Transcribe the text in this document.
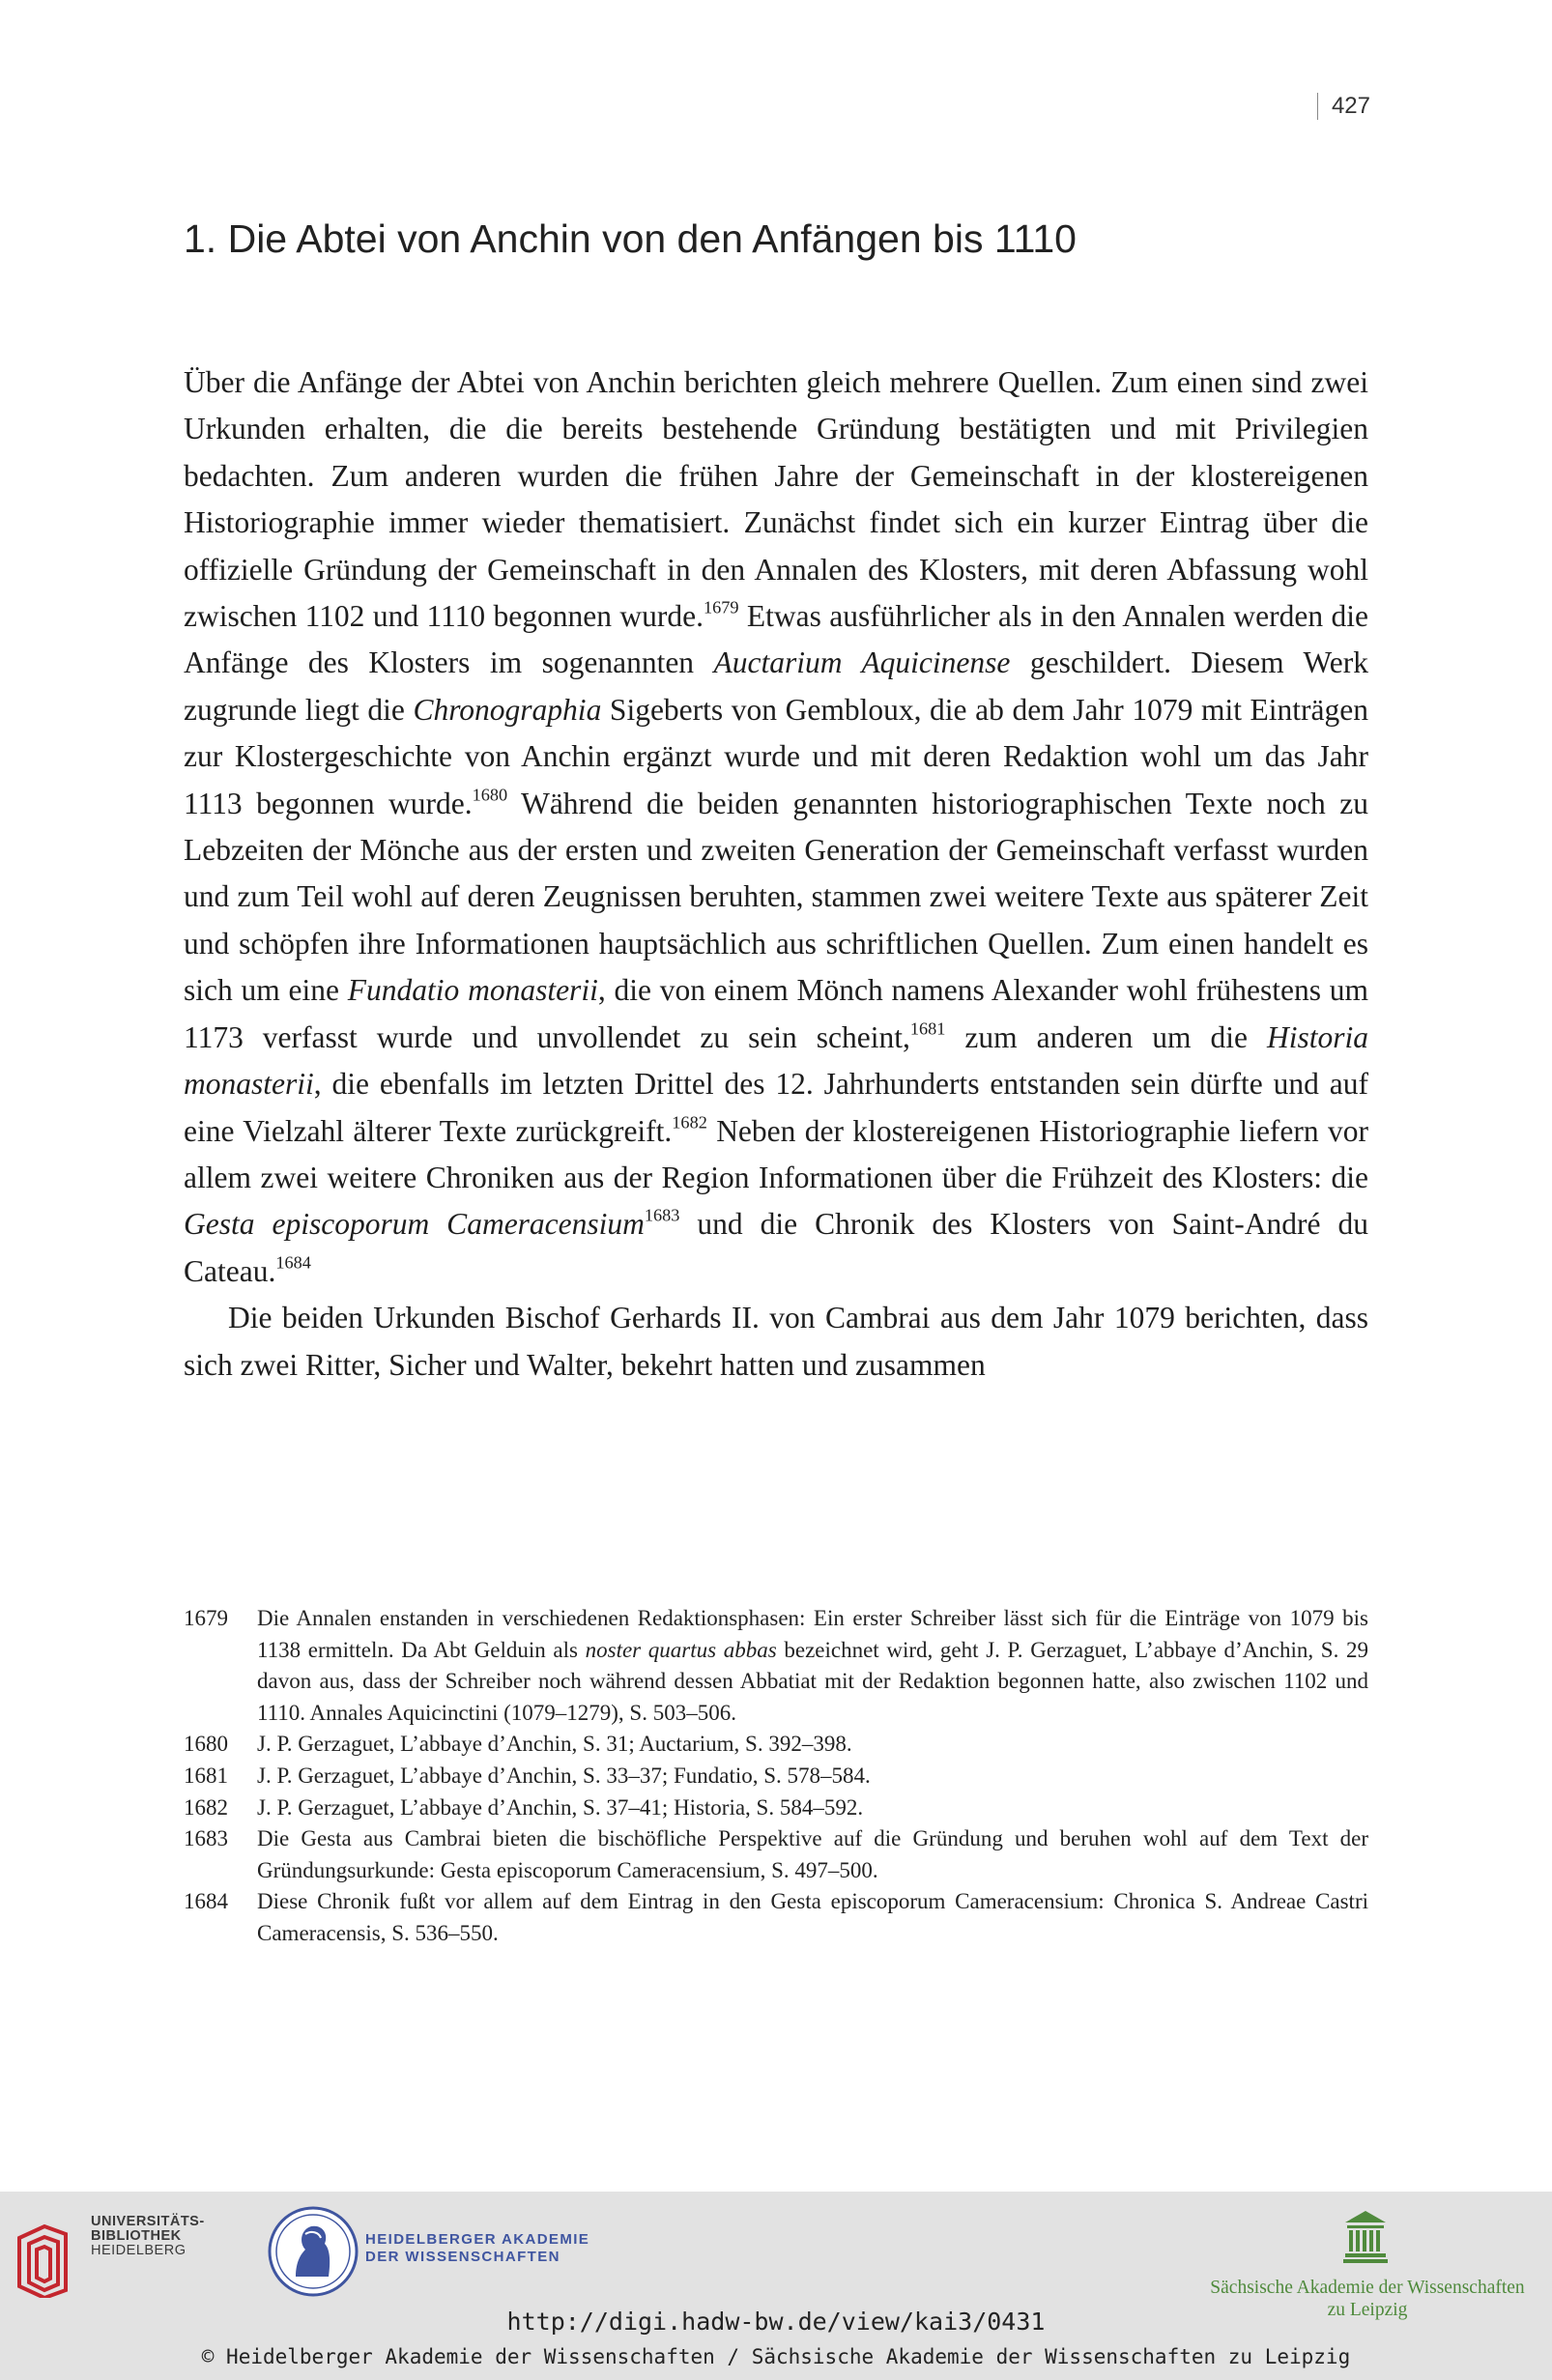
427
1. Die Abtei von Anchin von den Anfängen bis 1110

Über die Anfänge der Abtei von Anchin berichten gleich mehrere Quellen. Zum einen sind zwei Urkunden erhalten, die die bereits bestehende Gründung bestätigten und mit Privilegien bedachten. Zum anderen wurden die frühen Jahre der Gemeinschaft in der klostereigenen Historiographie immer wieder thematisiert. Zunächst findet sich ein kurzer Eintrag über die offizielle Gründung der Gemeinschaft in den Annalen des Klosters, mit deren Abfassung wohl zwischen 1102 und 1110 begonnen wurde.$^{1679}$ Etwas ausführlicher als in den Annalen werden die Anfänge des Klosters im sogenannten Auctarium Aquicinense geschildert. Diesem Werk zugrunde liegt die Chronographia Sigeberts von Gembloux, die ab dem Jahr 1079 mit Einträgen zur Klostergeschichte von Anchin ergänzt wurde und mit deren Redaktion wohl um das Jahr 1113 begonnen wurde.$^{1680}$ Während die beiden genannten historiographischen Texte noch zu Lebzeiten der Mönche aus der ersten und zweiten Generation der Gemeinschaft verfasst wurden und zum Teil wohl auf deren Zeugnissen beruhten, stammen zwei weitere Texte aus späterer Zeit und schöpfen ihre Informationen hauptsächlich aus schriftlichen Quellen. Zum einen handelt es sich um eine Fundatio monasterii, die von einem Mönch namens Alexander wohl frühestens um 1173 verfasst wurde und unvollendet zu sein scheint,$^{1681}$ zum anderen um die Historia monasterii, die ebenfalls im letzten Drittel des 12. Jahrhunderts entstanden sein dürfte und auf eine Vielzahl älterer Texte zurückgreift.$^{1682}$ Neben der klostereigenen Historiographie liefern vor allem zwei weitere Chroniken aus der Region Informationen über die Frühzeit des Klosters: die Gesta episcoporum Cameracensium$^{1683}$ und die Chronik des Klosters von Saint-André du Cateau.$^{1684}$

Die beiden Urkunden Bischof Gerhards II. von Cambrai aus dem Jahr 1079 berichten, dass sich zwei Ritter, Sicher und Walter, bekehrt hatten und zusammen

1679	Die Annalen enstanden in verschiedenen Redaktionsphasen: Ein erster Schreiber lässt sich für die Einträge von 1079 bis 1138 ermitteln. Da Abt Gelduin als noster quartus abbas bezeichnet wird, geht J. P. Gerzaguet, L’abbaye d’Anchin, S. 29 davon aus, dass der Schreiber noch während dessen Abbatiat mit der Redaktion begonnen hatte, also zwischen 1102 und 1110. Annales Aquicinctini (1079–1279), S. 503–506.
1680	J. P. Gerzaguet, L’abbaye d’Anchin, S. 31; Auctarium, S. 392–398.
1681	J. P. Gerzaguet, L’abbaye d’Anchin, S. 33–37; Fundatio, S. 578–584.
1682	J. P. Gerzaguet, L’abbaye d’Anchin, S. 37–41; Historia, S. 584–592.
1683	Die Gesta aus Cambrai bieten die bischöfliche Perspektive auf die Gründung und beruhen wohl auf dem Text der Gründungsurkunde: Gesta episcoporum Cameracensium, S. 497–500.
1684	Diese Chronik fußt vor allem auf dem Eintrag in den Gesta episcoporum Cameracensium: Chronica S. Andreae Castri Cameracensis, S. 536–550.
UNIVERSITÄTS-
BIBLIOTHEK
HEIDELBERG
HEIDELBERGER AKADEMIE
DER WISSENSCHAFTEN
Sächsische Akademie der Wissenschaften
zu Leipzig
http://digi.hadw-bw.de/view/kai3/0431
© Heidelberger Akademie der Wissenschaften / Sächsische Akademie der Wissenschaften zu Leipzig
